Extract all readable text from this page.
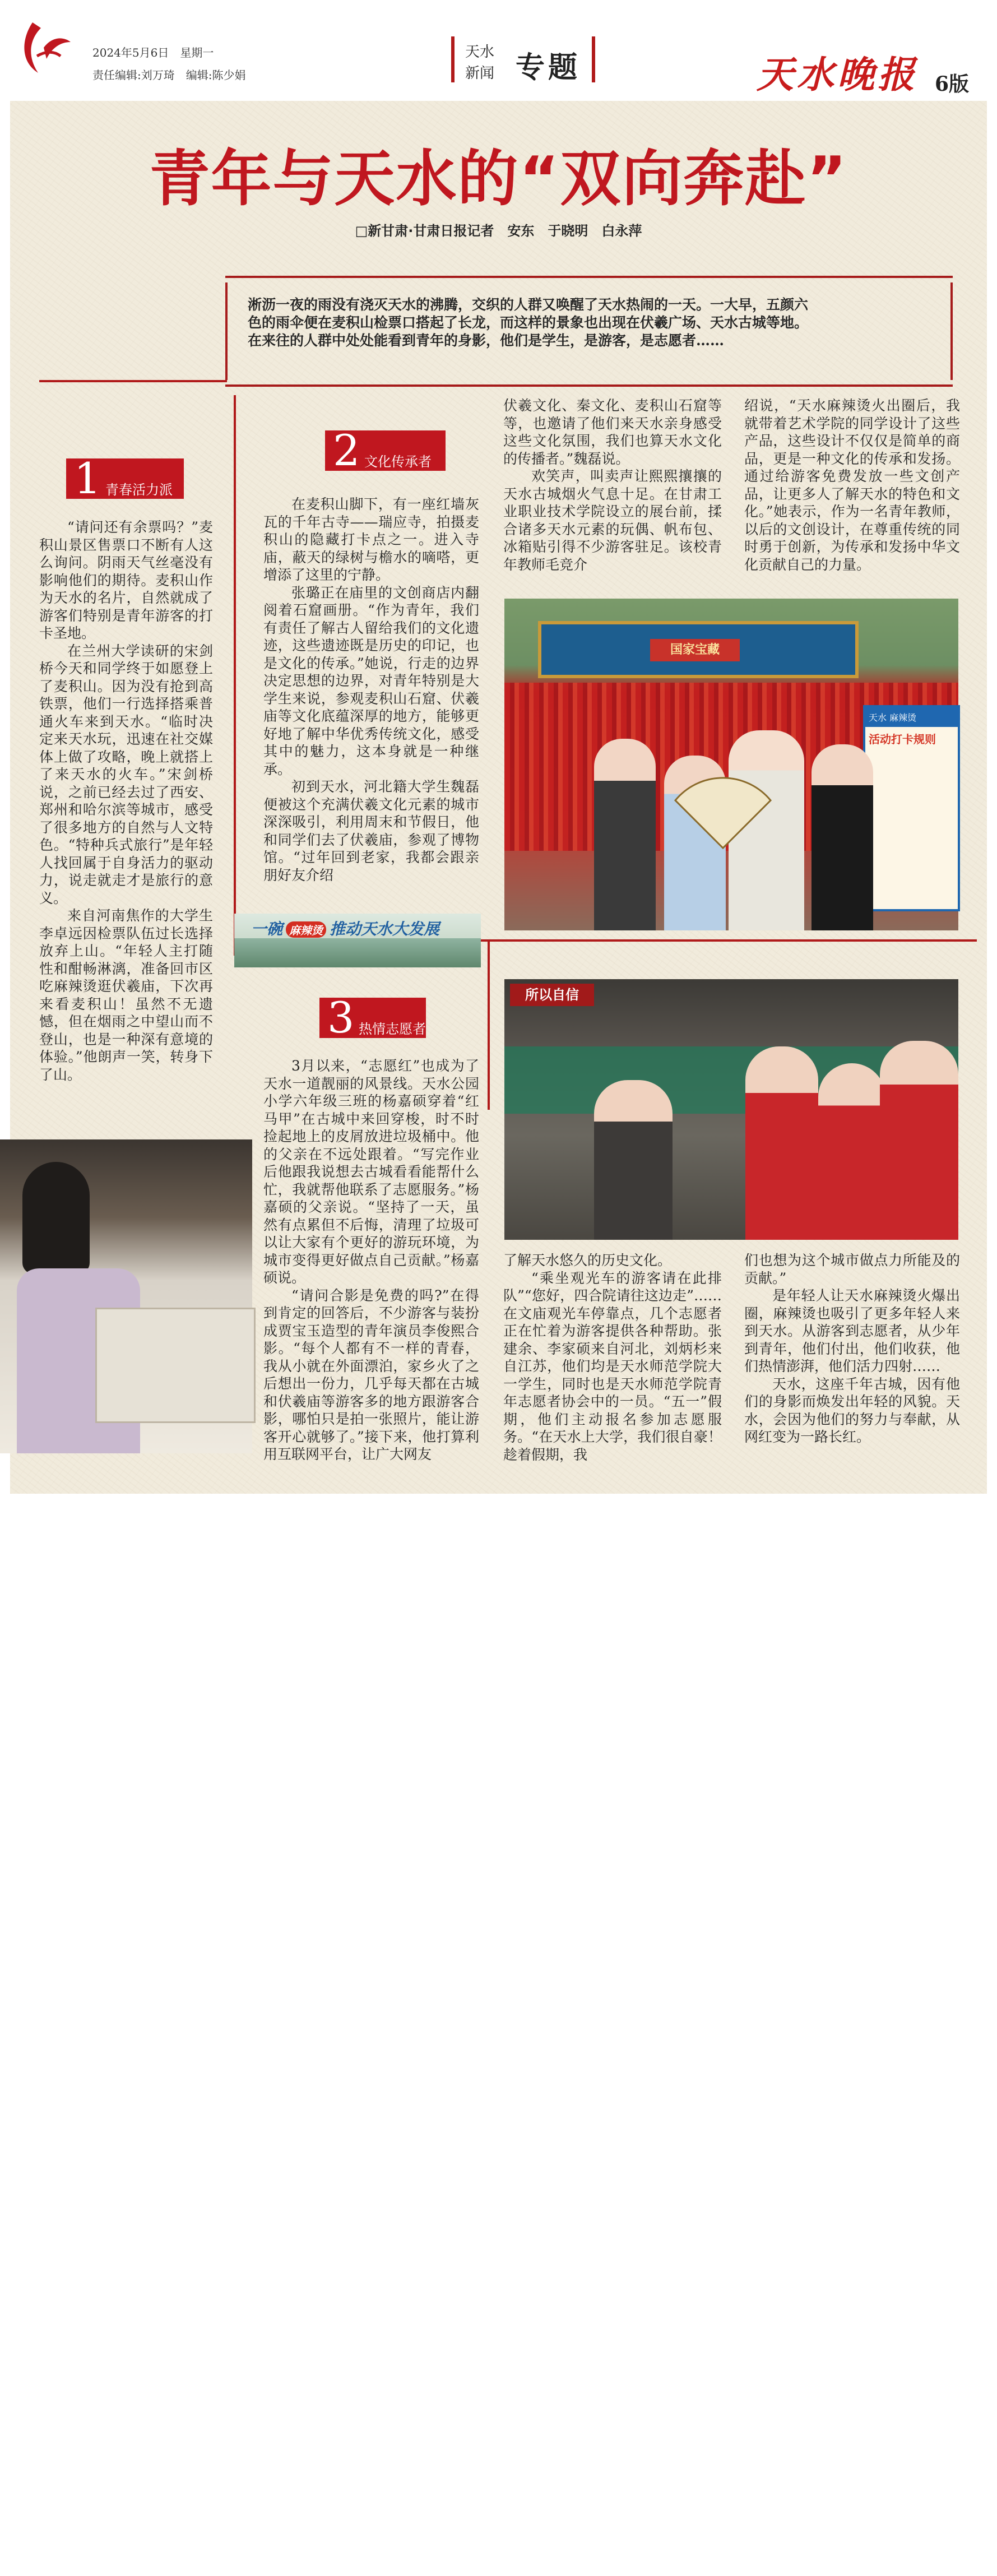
2024年5月6日　星期一
责任编辑:刘万琦　编辑:陈少娟
天水
新闻 专题	天水晚报 6版
青年与天水的“双向奔赴”
□新甘肃·甘肃日报记者　安东　于晓明　白永萍
淅沥一夜的雨没有浇灭天水的沸腾，交织的人群又唤醒了天水热闹的一天。一大早，五颜六色的雨伞便在麦积山检票口搭起了长龙，而这样的景象也出现在伏羲广场、天水古城等地。在来往的人群中处处能看到青年的身影，他们是学生，是游客，是志愿者……
1 青春活力派

“请问还有余票吗？”麦积山景区售票口不断有人这么询问。阴雨天气丝毫没有影响他们的期待。麦积山作为天水的名片，自然就成了游客们特别是青年游客的打卡圣地。

在兰州大学读研的宋剑桥今天和同学终于如愿登上了麦积山。因为没有抢到高铁票，他们一行选择搭乘普通火车来到天水。“临时决定来天水玩，迅速在社交媒体上做了攻略，晚上就搭上了来天水的火车。”宋剑桥说，之前已经去过了西安、郑州和哈尔滨等城市，感受了很多地方的自然与人文特色。“特种兵式旅行”是年轻人找回属于自身活力的驱动力，说走就走才是旅行的意义。

来自河南焦作的大学生李卓远因检票队伍过长选择放弃上山。“年轻人主打随性和酣畅淋漓，准备回市区吃麻辣烫逛伏羲庙，下次再来看麦积山！虽然不无遗憾，但在烟雨之中望山而不登山，也是一种深有意境的体验。”他朗声一笑，转身下了山。

2 文化传承者

在麦积山脚下，有一座红墙灰瓦的千年古寺——瑞应寺，拍摄麦积山的隐藏打卡点之一。进入寺庙，蔽天的绿树与檐水的嘀嗒，更增添了这里的宁静。

张璐正在庙里的文创商店内翻阅着石窟画册。“作为青年，我们有责任了解古人留给我们的文化遗迹，这些遗迹既是历史的印记，也是文化的传承。”她说，行走的边界决定思想的边界，对青年特别是大学生来说，参观麦积山石窟、伏羲庙等文化底蕴深厚的地方，能够更好地了解中华优秀传统文化，感受其中的魅力，这本身就是一种继承。

初到天水，河北籍大学生魏磊便被这个充满伏羲文化元素的城市深深吸引，利用周末和节假日，他和同学们去了伏羲庙，参观了博物馆。“过年回到老家，我都会跟亲朋好友介绍

伏羲文化、秦文化、麦积山石窟等等，也邀请了他们来天水亲身感受这些文化氛围，我们也算天水文化的传播者。”魏磊说。

欢笑声，叫卖声让熙熙攘攘的天水古城烟火气息十足。在甘肃工业职业技术学院设立的展台前，揉合诸多天水元素的玩偶、帆布包、冰箱贴引得不少游客驻足。该校青年教师毛竞介

绍说，“天水麻辣烫火出圈后，我就带着艺术学院的同学设计了这些产品，这些设计不仅仅是简单的商品，更是一种文化的传承和发扬。通过给游客免费发放一些文创产品，让更多人了解天水的特色和文化。”她表示，作为一名青年教师，以后的文创设计，在尊重传统的同时勇于创新，为传承和发扬中华文化贡献自己的力量。

国家宝藏
天水 麻辣烫
活动打卡规则
一碗 麻辣烫 推动天水大发展
3 热情志愿者
阅读 | 尔雅

3月以来，“志愿红”也成为了天水一道靓丽的风景线。天水公园小学六年级三班的杨嘉硕穿着“红马甲”在古城中来回穿梭，时不时捡起地上的皮屑放进垃圾桶中。他的父亲在不远处跟着。“写完作业后他跟我说想去古城看看能帮什么忙，我就帮他联系了志愿服务。”杨嘉硕的父亲说。“坚持了一天，虽然有点累但不后悔，清理了垃圾可以让大家有个更好的游玩环境，为城市变得更好做点自己贡献。”杨嘉硕说。

“请问合影是免费的吗?”在得到肯定的回答后，不少游客与装扮成贾宝玉造型的青年演员李俊熙合影。“每个人都有不一样的青春，我从小就在外面漂泊，家乡火了之后想出一份力，几乎每天都在古城和伏羲庙等游客多的地方跟游客合影，哪怕只是拍一张照片，能让游客开心就够了。”接下来，他打算利用互联网平台，让广大网友

所以自信

了解天水悠久的历史文化。

“乘坐观光车的游客请在此排队”“您好，四合院请往这边走”……在文庙观光车停靠点，几个志愿者正在忙着为游客提供各种帮助。张建余、李家硕来自河北，刘炳杉来自江苏，他们均是天水师范学院大一学生，同时也是天水师范学院青年志愿者协会中的一员。“五一”假期，他们主动报名参加志愿服务。“在天水上大学，我们很自豪！趁着假期，我

们也想为这个城市做点力所能及的贡献。”

是年轻人让天水麻辣烫火爆出圈，麻辣烫也吸引了更多年轻人来到天水。从游客到志愿者，从少年到青年，他们付出，他们收获，他们热情澎湃，他们活力四射……

天水，这座千年古城，因有他们的身影而焕发出年轻的风貌。天水，会因为他们的努力与奉献，从网红变为一路长红。
